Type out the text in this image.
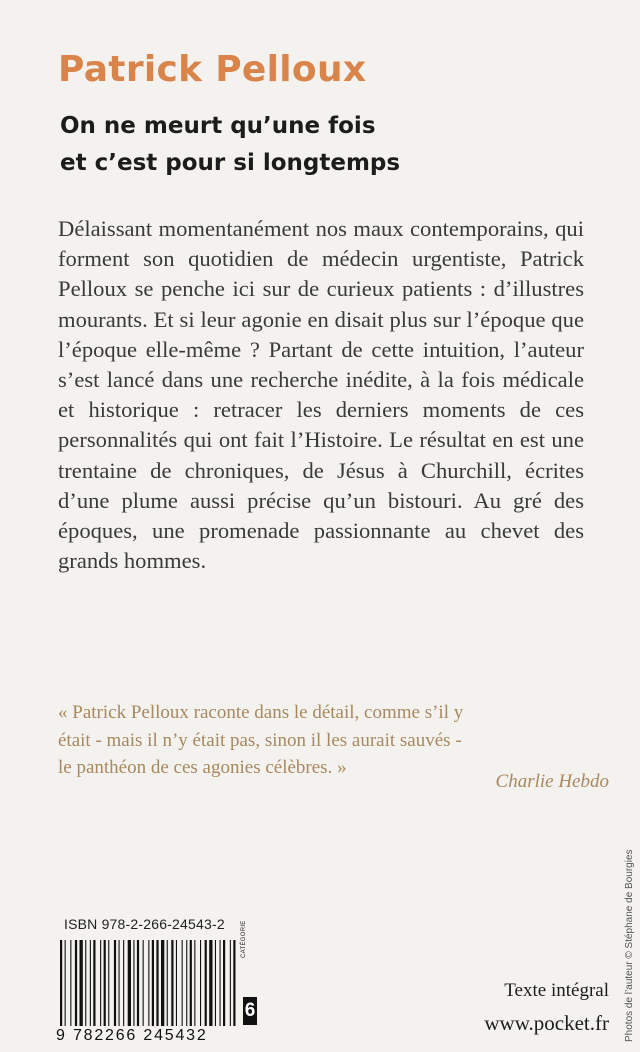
Patrick Pelloux
On ne meurt qu’une fois
et c’est pour si longtemps

Délaissant momentanément nos maux contemporains, qui forment son quotidien de médecin urgentiste, Patrick Pelloux se penche ici sur de curieux patients : d’illustres mourants. Et si leur agonie en disait plus sur l’époque que l’époque elle-même ? Partant de cette intuition, l’auteur s’est lancé dans une recherche inédite, à la fois médicale et historique : retracer les derniers moments de ces personnalités qui ont fait l’Histoire. Le résultat en est une trentaine de chroniques, de Jésus à Churchill, écrites d’une plume aussi précise qu’un bistouri. Au gré des époques, une promenade passionnante au chevet des grands hommes.

« Patrick Pelloux raconte dans le détail, comme s’il y
était - mais il n’y était pas, sinon il les aurait sauvés -
le panthéon de ces agonies célèbres. »

Charlie Hebdo

Photos de l’auteur © Stéphane de Bourgies
ISBN 978-2-266-24543-2
9 782266 245432
CATÉGORIE
6

Texte intégral

www.pocket.fr
